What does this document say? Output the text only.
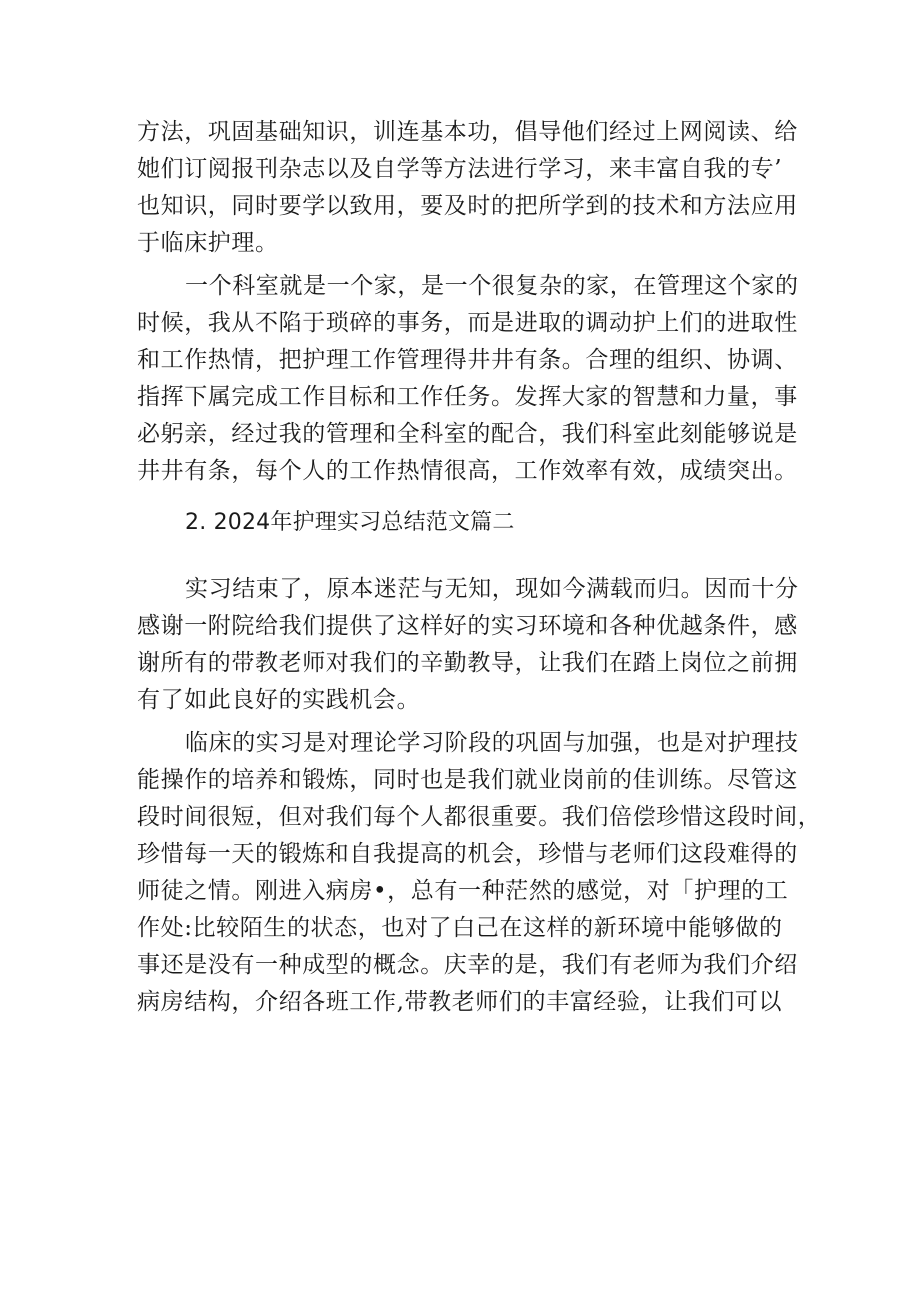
方法，巩固基础知识，训连基本功，倡导他们经过上网阅读、给
她们订阅报刊杂志以及自学等方法进行学习，来丰富自我的专’
也知识，同时要学以致用，要及时的把所学到的技术和方法应用
于临床护理。
一个科室就是一个家，是一个很复杂的家，在管理这个家的
时候，我从不陷于琐碎的事务，而是进取的调动护上们的进取性
和工作热情，把护理工作管理得井井有条。合理的组织、协调、
指挥下属完成工作目标和工作任务。发挥大家的智慧和力量，事
必躬亲，经过我的管理和全科室的配合，我们科室此刻能够说是
井井有条，每个人的工作热情很高，工作效率有效，成绩突出。
2. 2024年护理实习总结范文篇二
实习结束了，原本迷茫与无知，现如今满载而归。因而十分
感谢一附院给我们提供了这样好的实习环境和各种优越条件，感
谢所有的带教老师对我们的辛勤教导，让我们在踏上岗位之前拥
有了如此良好的实践机会。
临床的实习是对理论学习阶段的巩固与加强，也是对护理技
能操作的培养和锻炼，同时也是我们就业岗前的佳训练。尽管这
段时间很短，但对我们每个人都很重要。我们倍偿珍惜这段时间，
珍惜每一天的锻炼和自我提高的机会，珍惜与老师们这段难得的
师徒之情。刚进入病房•，总有一种茫然的感觉，对「护理的工
作处:比较陌生的状态，也对了白己在这样的新环境中能够做的
事还是没有一种成型的概念。庆幸的是，我们有老师为我们介绍
病房结构，介绍各班工作,带教老师们的丰富经验，让我们可以
